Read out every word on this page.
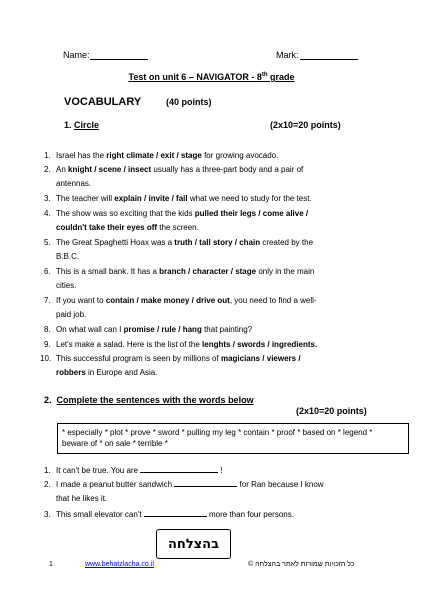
Name:	Mark:
Test on unit 6 – NAVIGATOR - 8th grade
VOCABULARY	(40 points)
1. Circle	(2x10=20 points)
1. Israel has the right climate / exit / stage for growing avocado.
2. An knight / scene / insect usually has a three-part body and a pair of
antennas.
3. The teacher will explain / invite / fail what we need to study for the test.
4. The show was so exciting that the kids pulled their legs / come alive /
couldn't take their eyes off the screen.
5. The Great Spaghetti Hoax was a truth / tall story / chain created by the
B.B.C.
6. This is a small bank. It has a branch / character / stage only in the main
cities.
7. If you want to contain / make money / drive out, you need to find a well-
paid job.
8. On what wall can I promise / rule / hang that painting?
9. Let's make a salad. Here is the list of the lenghts / swords / ingredients.
10. This successful program is seen by millions of magicians / viewers /
robbers in Europe and Asia.
2. Complete the sentences with the words below
(2x10=20 points)
* especially * plot * prove * sword * pulling my leg * contain * proof * based on * legend *
beware of * on sale * terrible *
1. It can't be true. You are	!
2. I made a peanut butter sandwich	for Ran because I know
that he likes it.
3. This small elevator can't	more than four persons.
בהצלחה
1	www.behatzlacha.co.il	כל הזכויות שמורות לאתר בהצלחה ©
